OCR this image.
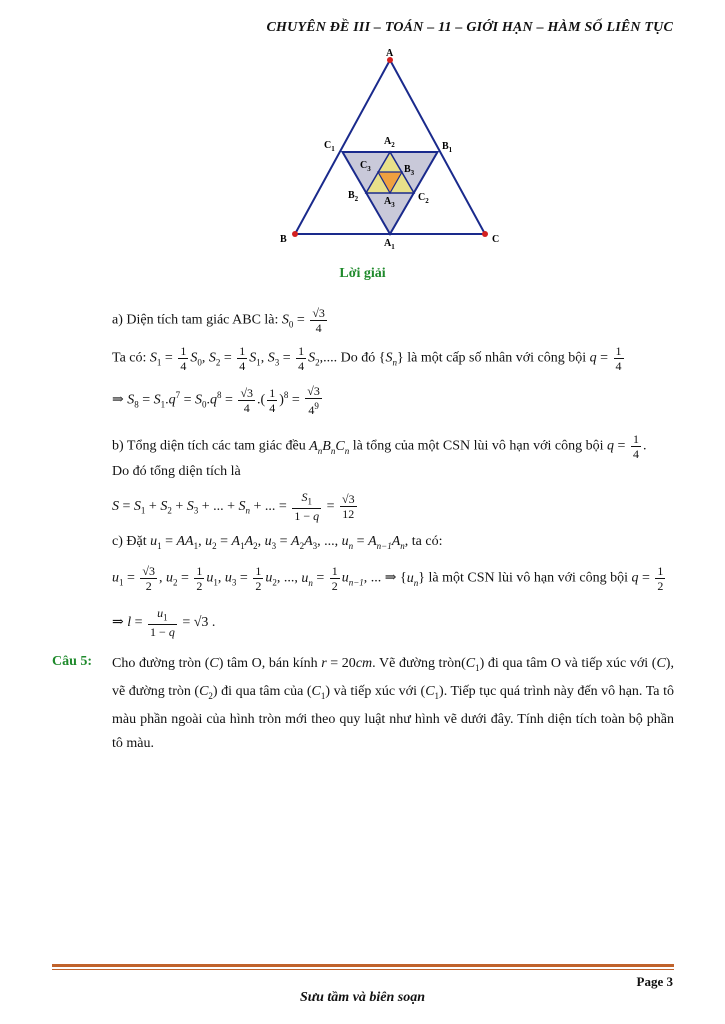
CHUYÊN ĐỀ III – TOÁN – 11 – GIỚI HẠN – HÀM SỐ LIÊN TỤC
A
B	C
$C_1$	$B_1$
$A_1$
$A_2$
$C_3$	$B_3$
$B_2$	$C_2$
$A_3$
Lời giải
a) Diện tích tam giác ABC là: $S_0 = \frac{√3}{4}$
Ta có: $S_1 = \frac{1}{4} S_0$, $S_2 = \frac{1}{4} S_1$, $S_3 = \frac{1}{4} S_2$,.... Do đó $\{S_n\}$ là một cấp số nhân với công bội $q = \frac{1}{4}$
⇒ $S_8 = S_1.q^7 = S_0.q^8 = \frac{√3}{4}$ .( $\frac{1}{4} )^8 = \frac{√3}{4^9}$
b) Tổng diện tích các tam giác đều $A_nB_nC_n$ là tổng của một CSN lùi vô hạn với công bội $q = \frac{1}{4}$ .
Do đó tổng diện tích là
$S = S_1 + S_2 + S_3$ + ... + $S_n$ + ... = $\frac{S_1}{1 - q} = \frac{√3}{12}$
c) Đặt $u_1 = AA_1$, $u_2 = A_1A_2$, $u_3 = A_2A_3$, ..., $u_n = A_{n-1}A_n$, ta có:
$u_1 = \frac{√3}{2}$ , $u_2 = \frac{1}{2} u_1$, $u_3 = \frac{1}{2} u_2$, ..., $u_n = \frac{1}{2} u_{n-1}$, ... ⇒ $\{u_n\}$ là một CSN lùi vô hạn với công bội $q = \frac{1}{2}$
⇒ $l = \frac{u_1}{1 - q} = √3$ .
Câu 5: Cho đường tròn (C) tâm O, bán kính r = 20cm. Vẽ đường $tròn(C_1)$ đi qua tâm O và tiếp xúc với (C), vẽ đường tròn $(C_2)$ đi qua tâm của $(C_1)$ và tiếp xúc với $(C_1)$. Tiếp tục quá trình này đến vô hạn. Ta tô màu phần ngoài của hình tròn mới theo quy luật như hình vẽ dưới đây. Tính diện tích toàn bộ phần tô màu.
Page 3
Sưu tầm và biên soạn
